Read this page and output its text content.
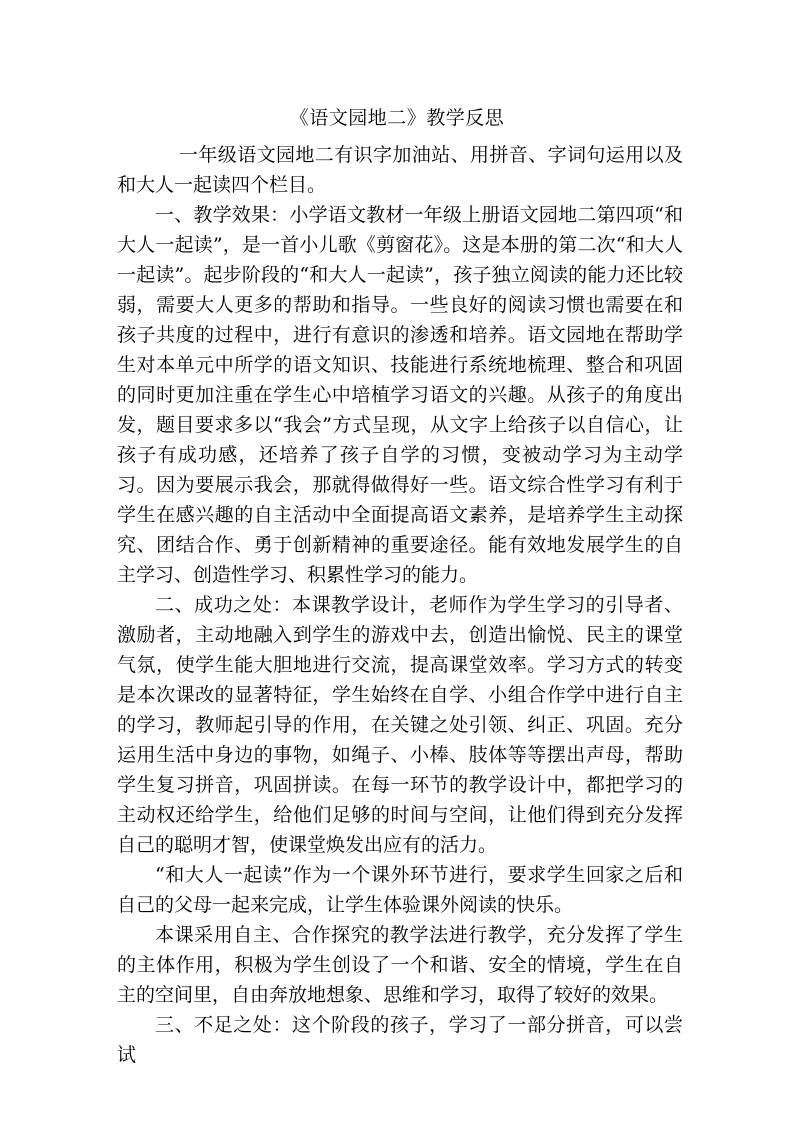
《语文园地二》教学反思

一年级语文园地二有识字加油站、用拼音、字词句运用以及和大人一起读四个栏目。

一、教学效果：小学语文教材一年级上册语文园地二第四项“和大人一起读”，是一首小儿歌《剪窗花》。这是本册的第二次“和大人一起读”。起步阶段的“和大人一起读”，孩子独立阅读的能力还比较弱，需要大人更多的帮助和指导。一些良好的阅读习惯也需要在和孩子共度的过程中，进行有意识的渗透和培养。语文园地在帮助学生对本单元中所学的语文知识、技能进行系统地梳理、整合和巩固的同时更加注重在学生心中培植学习语文的兴趣。从孩子的角度出发，题目要求多以“我会”方式呈现，从文字上给孩子以自信心，让孩子有成功感，还培养了孩子自学的习惯，变被动学习为主动学习。因为要展示我会，那就得做得好一些。语文综合性学习有利于学生在感兴趣的自主活动中全面提高语文素养，是培养学生主动探究、团结合作、勇于创新精神的重要途径。能有效地发展学生的自主学习、创造性学习、积累性学习的能力。

二、成功之处：本课教学设计，老师作为学生学习的引导者、激励者，主动地融入到学生的游戏中去，创造出愉悦、民主的课堂气氛，使学生能大胆地进行交流，提高课堂效率。学习方式的转变是本次课改的显著特征，学生始终在自学、小组合作学中进行自主的学习，教师起引导的作用，在关键之处引领、纠正、巩固。充分运用生活中身边的事物，如绳子、小棒、肢体等等摆出声母，帮助学生复习拼音，巩固拼读。在每一环节的教学设计中，都把学习的主动权还给学生，给他们足够的时间与空间，让他们得到充分发挥自己的聪明才智，使课堂焕发出应有的活力。

“和大人一起读”作为一个课外环节进行，要求学生回家之后和自己的父母一起来完成，让学生体验课外阅读的快乐。

本课采用自主、合作探究的教学法进行教学，充分发挥了学生的主体作用，积极为学生创设了一个和谐、安全的情境，学生在自主的空间里，自由奔放地想象、思维和学习，取得了较好的效果。

三、不足之处：这个阶段的孩子，学习了一部分拼音，可以尝试
